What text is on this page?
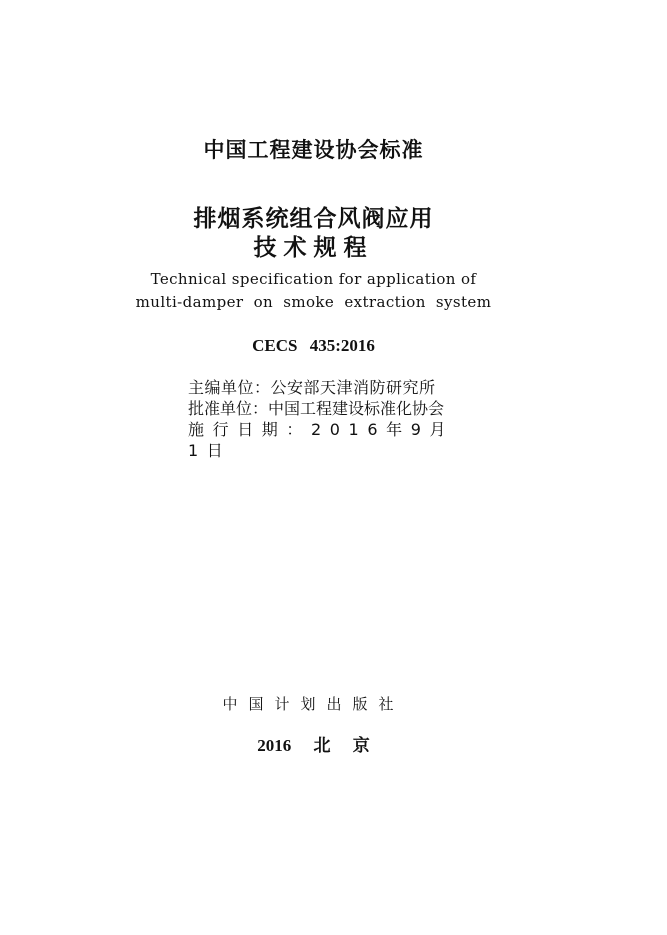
中国工程建设协会标准
排烟系统组合风阀应用
技术规程
Technical specification for application of
multi-damper on smoke extraction system
CECS 435:2016
主编单位：公安部天津消防研究所
批准单位：中国工程建设标准化协会
施行日期：2016年9月
1日
中国计划出版社
2016 北 京
